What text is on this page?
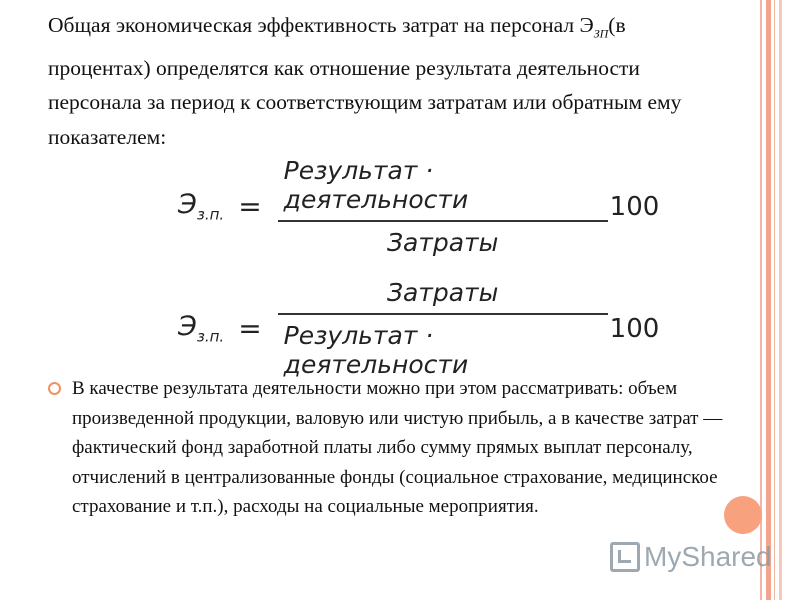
Общая экономическая эффективность затрат на персонал $Э_{ЗП}(в$ процентах) определятся как отношение результата деятельности персонала за период к соответствующим затратам или обратным ему показателем:

$Э_{з.п.} = \frac{\text{Результат · деятельности}}{\text{Затраты}} 100$
$Э_{з.п.} = \frac{\text{Затраты}}{\text{Результат · деятельности}} 100$

В качестве результата деятельности можно при этом рассматривать: объем произведенной продукции, валовую или чистую прибыль, а в качестве затрат — фактический фонд заработной платы либо сумму прямых выплат персоналу, отчислений в централизованные фонды (социальное страхование, медицинское страхование и т.п.), расходы на социальные мероприятия.

MyShared
